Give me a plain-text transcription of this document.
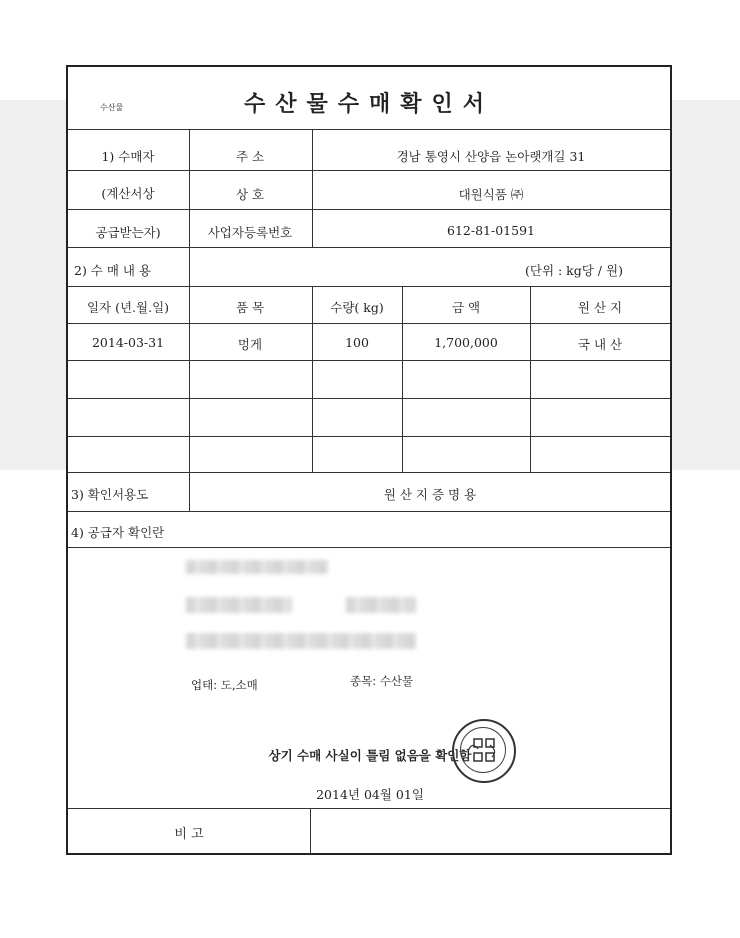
수산물	수산물수매확인서
1) 수매자
(계산서상
공급받는자)
주 소	경남 통영시 산양읍 논아랫개길 31
상 호	대원식품 ㈜
사업자등록번호	612-81-01591
2) 수 매 내 용	(단위 : kg당 / 원)
일자 (년.월.일)	품 목	수량( kg)	금 액	원 산 지
2014-03-31	멍게	100	1,700,000	국 내 산
3) 확인서용도	원 산 지 증 명 용
4) 공급자 확인란
업태: 도,소매	종목: 수산물
상기 수매 사실이 틀림 없음을 확인함
2014년 04월 01일
비 고
